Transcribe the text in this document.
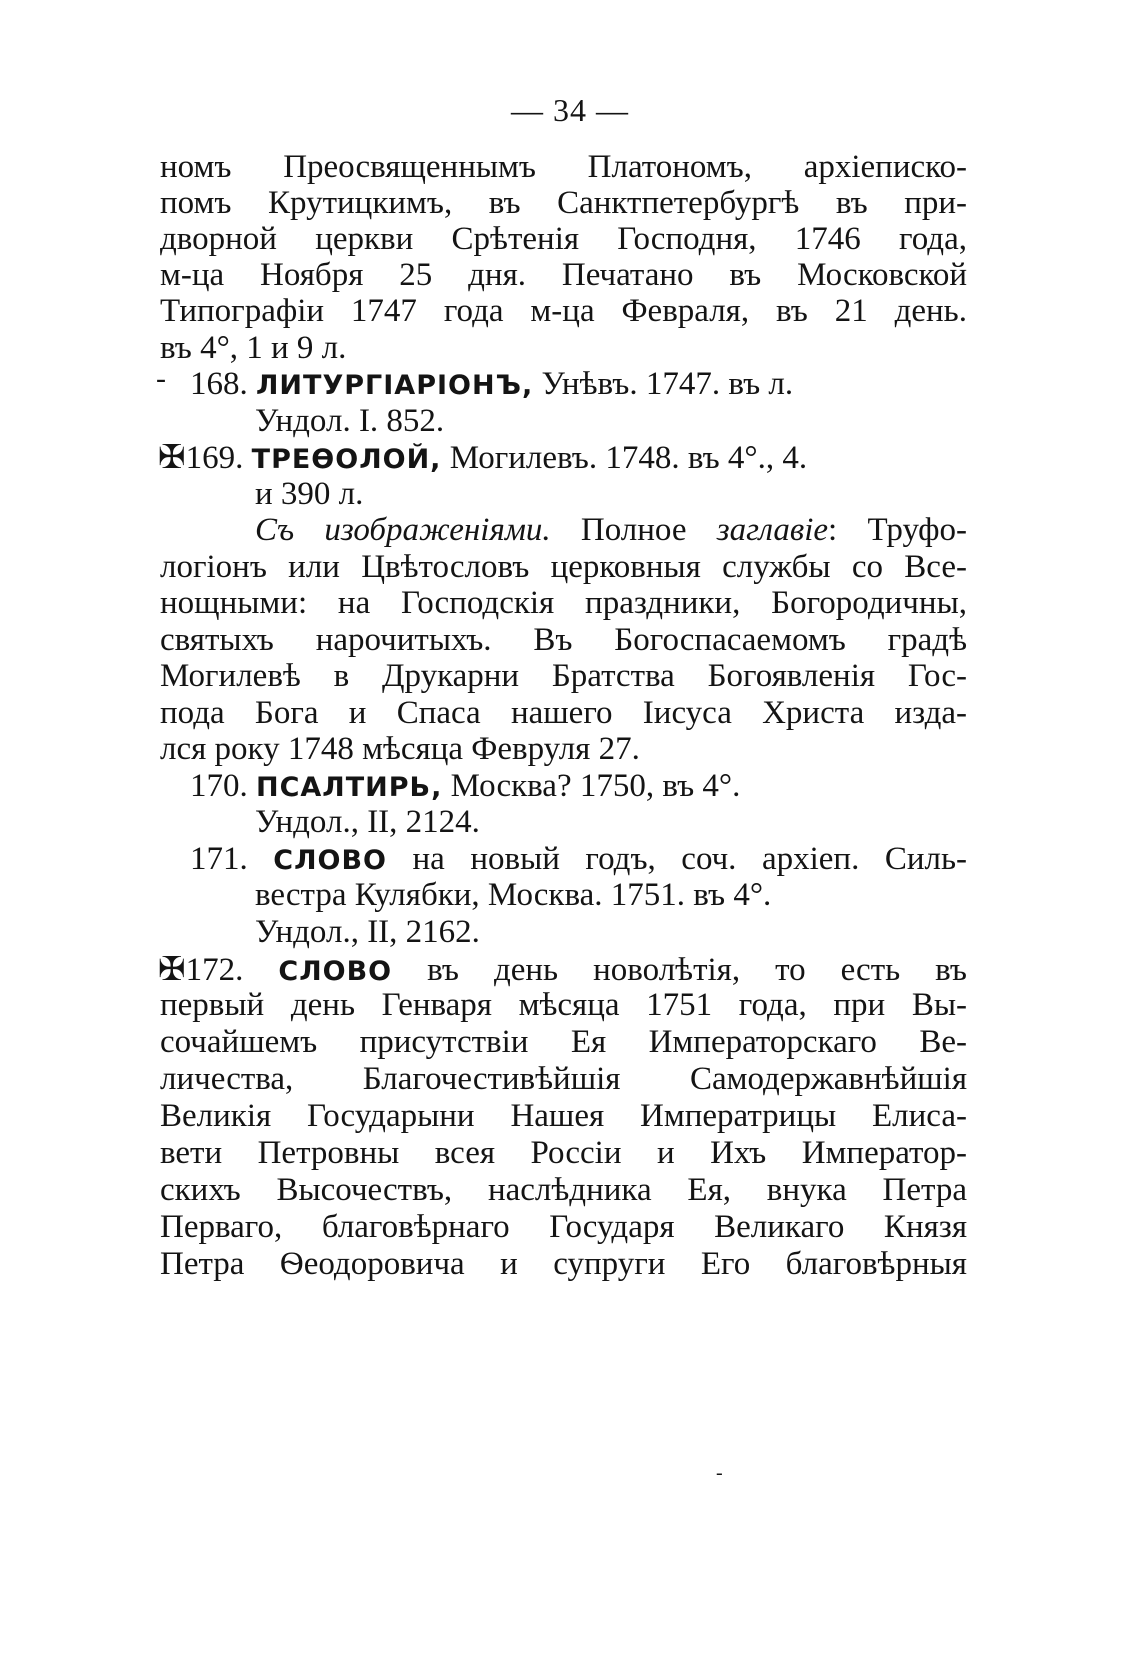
— 34 —
номъ Преосвященнымъ Платономъ, архiеписко-
помъ Крутицкимъ, въ Санктпетербургѣ въ при-
дворной церкви Срѣтенiя Господня, 1746 года,
м-ца Ноября 25 дня. Печатано въ Московской
Типографiи 1747 года м-ца Февраля, въ 21 день.
въ 4°, 1 и 9 л.
- 168. ЛИТУРГIАРIОНЪ, Унѣвъ. 1747. въ л.
Ундол. I. 852.
✠169. ТРЕѲОЛОЙ, Могилевъ. 1748. въ 4°., 4.
и 390 л.
Съ изображенiями. Полное заглавiе: Труфо-
логiонъ или Цвѣтословъ церковныя службы со Все-
нощными: на Господскiя праздники, Богородичны,
святыхъ нарочитыхъ. Въ Богоспасаемомъ градѣ
Могилевѣ в Друкарни Братства Богоявленiя Гос-
пода Бога и Спаса нашего Iисуса Христа изда-
лся року 1748 мѣсяца Февруля 27.
170. ПСАЛТИРЬ, Москва? 1750, въ 4°.
Ундол., II, 2124.
171. СЛОВО на новый годъ, соч. архiеп. Силь-
вестра Кулябки, Москва. 1751. въ 4°.
Ундол., II, 2162.
✠172. СЛОВО въ день новолѣтiя, то есть въ
первый день Генваря мѣсяца 1751 года, при Вы-
сочайшемъ присутствiи Ея Императорскаго Ве-
личества, Благочестивѣйшiя Самодержавнѣйшiя
Великiя Государыни Нашея Императрицы Елиса-
вети Петровны всея Россiи и Ихъ Император-
скихъ Высочествъ, наслѣдника Ея, внука Петра
Перваго, благовѣрнаго Государя Великаго Князя
Петра Ѳеодоровича и супруги Его благовѣрныя
-
